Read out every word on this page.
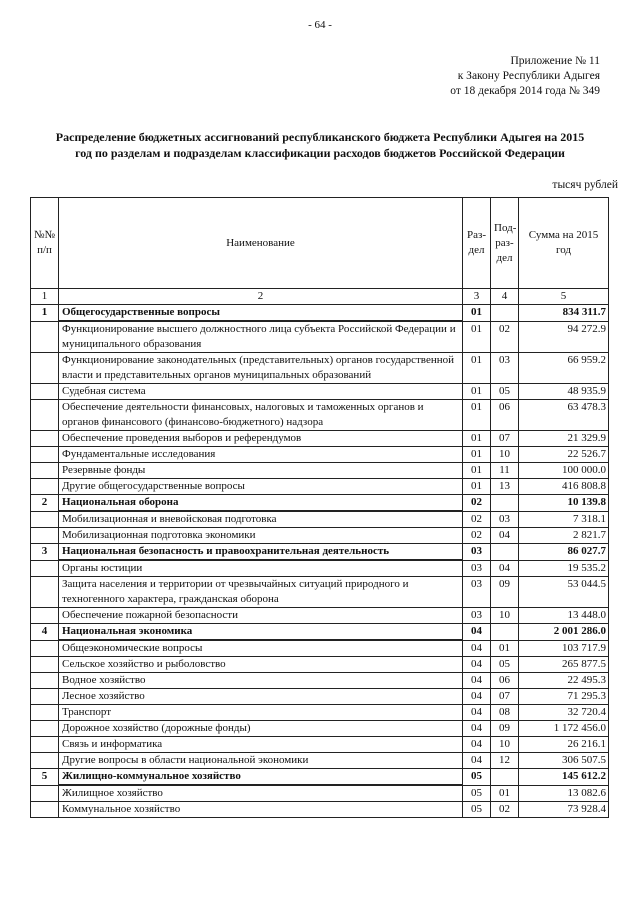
- 64 -
Приложение № 11
к Закону Республики Адыгея
от 18 декабря 2014 года № 349
Распределение бюджетных ассигнований республиканского бюджета Республики Адыгея на 2015
год по разделам и подразделам классификации расходов бюджетов Российской Федерации
тысяч рублей
№№ п/п	Наименование	Раз- дел	Под- раз- дел	Сумма на 2015 год
1	2	3	4	5
1	Общегосударственные вопросы	01		834 311.7
	Функционирование высшего должностного лица субъекта Российской Федерации и муниципального образования	01	02	94 272.9
	Функционирование законодательных (представительных) органов государственной власти и представительных органов муниципальных образований	01	03	66 959.2
	Судебная система	01	05	48 935.9
	Обеспечение деятельности финансовых, налоговых и таможенных органов и органов финансового (финансово-бюджетного) надзора	01	06	63 478.3
	Обеспечение проведения выборов и референдумов	01	07	21 329.9
	Фундаментальные исследования	01	10	22 526.7
	Резервные фонды	01	11	100 000.0
	Другие общегосударственные вопросы	01	13	416 808.8
2	Национальная оборона	02		10 139.8
	Мобилизационная и вневойсковая подготовка	02	03	7 318.1
	Мобилизационная подготовка экономики	02	04	2 821.7
3	Национальная безопасность и правоохранительная деятельность	03		86 027.7
	Органы юстиции	03	04	19 535.2
	Защита населения и территории от чрезвычайных ситуаций природного и техногенного характера, гражданская оборона	03	09	53 044.5
	Обеспечение пожарной безопасности	03	10	13 448.0
4	Национальная экономика	04		2 001 286.0
	Общеэкономические вопросы	04	01	103 717.9
	Сельское хозяйство и рыболовство	04	05	265 877.5
	Водное хозяйство	04	06	22 495.3
	Лесное хозяйство	04	07	71 295.3
	Транспорт	04	08	32 720.4
	Дорожное хозяйство (дорожные фонды)	04	09	1 172 456.0
	Связь и информатика	04	10	26 216.1
	Другие вопросы в области национальной экономики	04	12	306 507.5
5	Жилищно-коммунальное хозяйство	05		145 612.2
	Жилищное хозяйство	05	01	13 082.6
	Коммунальное хозяйство	05	02	73 928.4
